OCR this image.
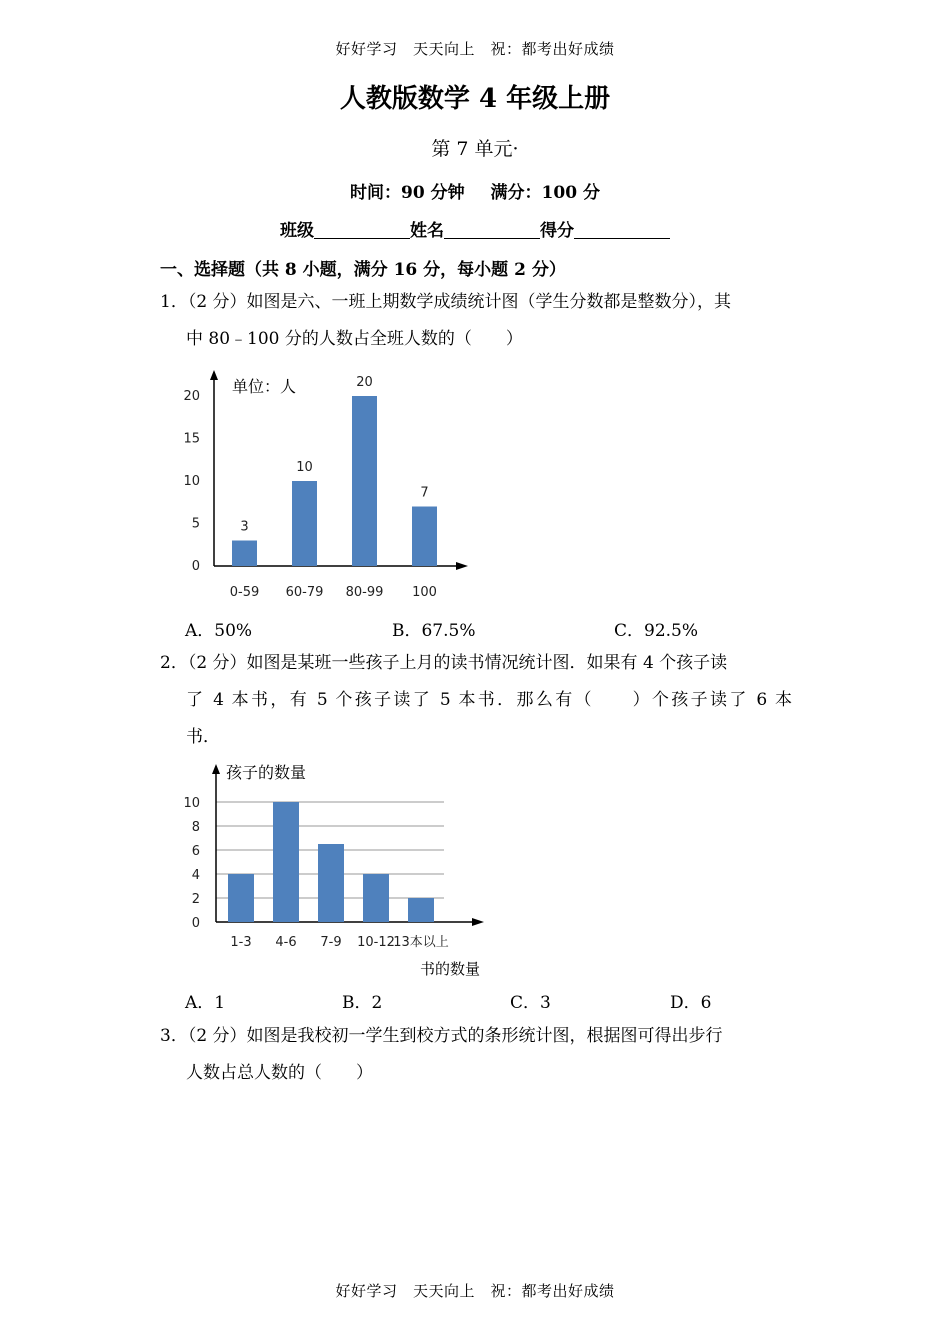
好好学习　天天向上　祝：都考出好成绩
人教版数学 4 年级上册
第 7 单元·
时间：90 分钟 满分：100 分
班级	姓名	得分
一、选择题（共 8 小题，满分 16 分，每小题 2 分）
1．（2 分）如图是六、一班上期数学成绩统计图（学生分数都是整数分），其
中 80﹣100 分的人数占全班人数的（　　）
0
5
10
15
20
单位：人
3
0-59
10
60-79
20
80-99
7
100
A．50%	B．67.5%	C．92.5%
2．（2 分）如图是某班一些孩子上月的读书情况统计图．如果有 4 个孩子读
了 4 本书，有 5 个孩子读了 5 本书．那么有（　　）个孩子读了 6 本
书．
0
2
4
6
8
10
孩子的数量
书的数量
1-3 4-6 7-9 10-12
13本以上
A．1	B．2	C．3	D．6
3．（2 分）如图是我校初一学生到校方式的条形统计图，根据图可得出步行
人数占总人数的（　　）
好好学习　天天向上　祝：都考出好成绩
